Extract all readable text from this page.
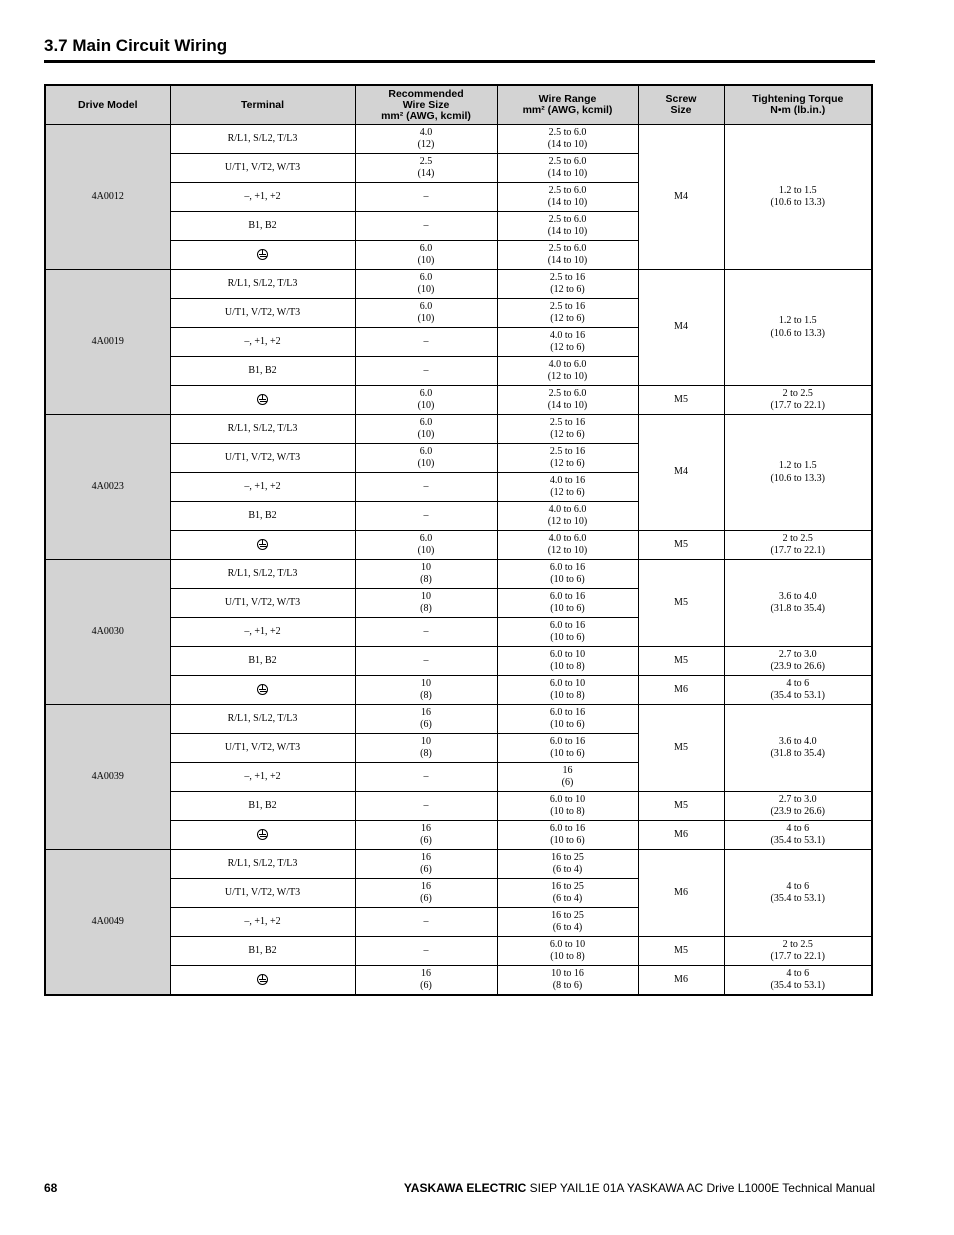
3.7 Main Circuit Wiring
Drive Model	Terminal	Recommended
Wire Size
mm² (AWG, kcmil)	Wire Range
mm² (AWG, kcmil)	Screw
Size	Tightening Torque
N•m (lb.in.)

4A0012	R/L1, S/L2, T/L3	4.0
(12)	2.5 to 6.0
(14 to 10)	M4	1.2 to 1.5
(10.6 to 13.3)

	U/T1, V/T2, W/T3	2.5
(14)	2.5 to 6.0
(14 to 10)		

	–, +1, +2	–	2.5 to 6.0
(14 to 10)		

	B1, B2	–	2.5 to 6.0
(14 to 10)		

		6.0
(10)	2.5 to 6.0
(14 to 10)		

4A0019	R/L1, S/L2, T/L3	6.0
(10)	2.5 to 16
(12 to 6)	M4	1.2 to 1.5
(10.6 to 13.3)

	U/T1, V/T2, W/T3	6.0
(10)	2.5 to 16
(12 to 6)		

	–, +1, +2	–	4.0 to 16
(12 to 6)		

	B1, B2	–	4.0 to 6.0
(12 to 10)		

		6.0
(10)	2.5 to 6.0
(14 to 10)	M5	2 to 2.5
(17.7 to 22.1)

4A0023	R/L1, S/L2, T/L3	6.0
(10)	2.5 to 16
(12 to 6)	M4	1.2 to 1.5
(10.6 to 13.3)

	U/T1, V/T2, W/T3	6.0
(10)	2.5 to 16
(12 to 6)		

	–, +1, +2	–	4.0 to 16
(12 to 6)		

	B1, B2	–	4.0 to 6.0
(12 to 10)		

		6.0
(10)	4.0 to 6.0
(12 to 10)	M5	2 to 2.5
(17.7 to 22.1)

4A0030	R/L1, S/L2, T/L3	10
(8)	6.0 to 16
(10 to 6)	M5	3.6 to 4.0
(31.8 to 35.4)

	U/T1, V/T2, W/T3	10
(8)	6.0 to 16
(10 to 6)		

	–, +1, +2	–	6.0 to 16
(10 to 6)		

	B1, B2	–	6.0 to 10
(10 to 8)	M5	2.7 to 3.0
(23.9 to 26.6)

		10
(8)	6.0 to 10
(10 to 8)	M6	4 to 6
(35.4 to 53.1)

4A0039	R/L1, S/L2, T/L3	16
(6)	6.0 to 16
(10 to 6)	M5	3.6 to 4.0
(31.8 to 35.4)

	U/T1, V/T2, W/T3	10
(8)	6.0 to 16
(10 to 6)		

	–, +1, +2	–	16
(6)		

	B1, B2	–	6.0 to 10
(10 to 8)	M5	2.7 to 3.0
(23.9 to 26.6)

		16
(6)	6.0 to 16
(10 to 6)	M6	4 to 6
(35.4 to 53.1)

4A0049	R/L1, S/L2, T/L3	16
(6)	16 to 25
(6 to 4)	M6	4 to 6
(35.4 to 53.1)

	U/T1, V/T2, W/T3	16
(6)	16 to 25
(6 to 4)		

	–, +1, +2	–	16 to 25
(6 to 4)		

	B1, B2	–	6.0 to 10
(10 to 8)	M5	2 to 2.5
(17.7 to 22.1)

		16
(6)	10 to 16
(8 to 6)	M6	4 to 6
(35.4 to 53.1)
68	YASKAWA ELECTRIC SIEP YAIL1E 01A YASKAWA AC Drive L1000E Technical Manual
